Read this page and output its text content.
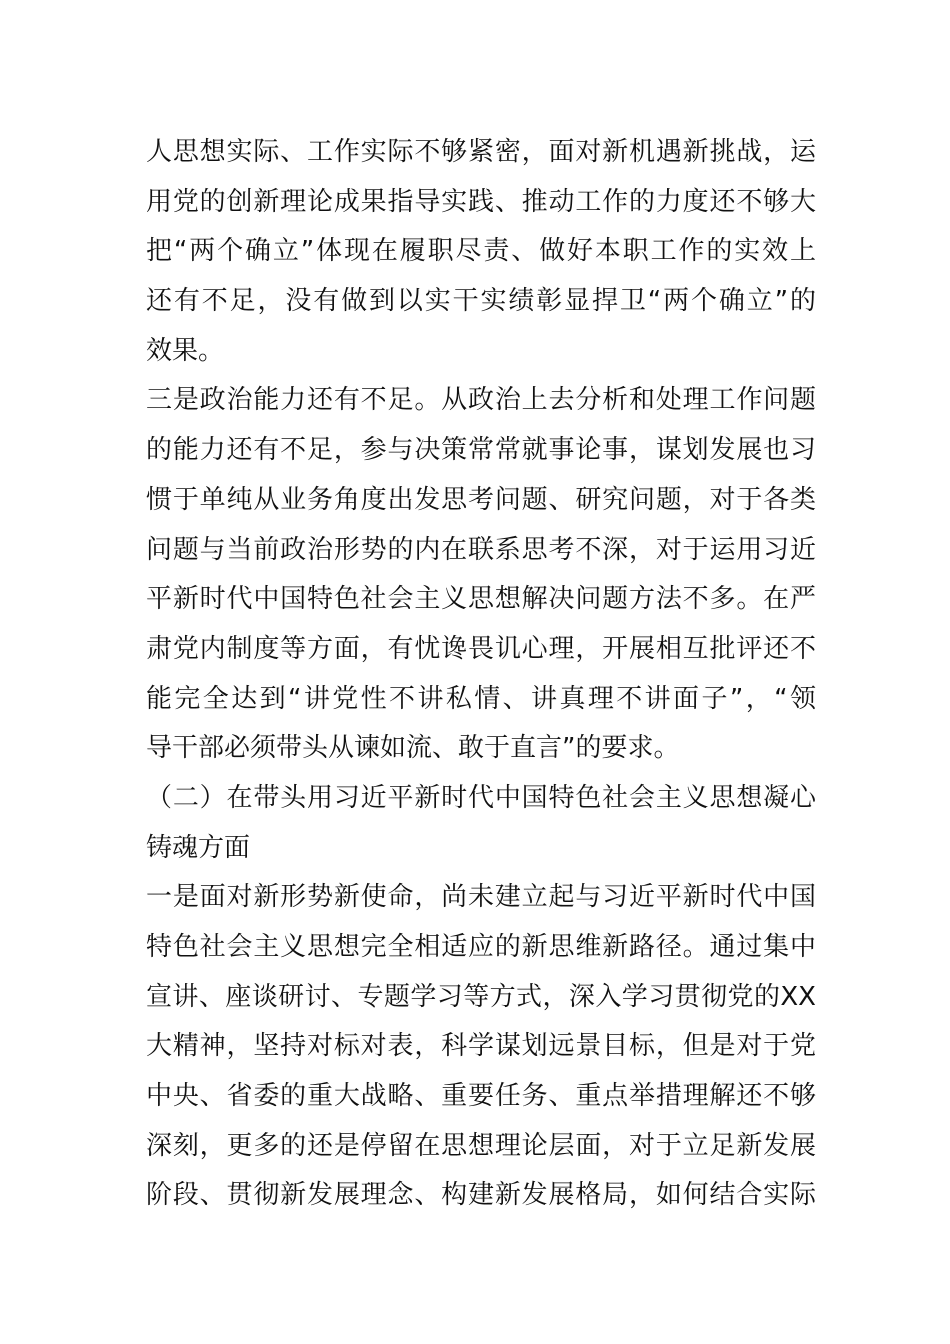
人思想实际、工作实际不够紧密，面对新机遇新挑战，运
用党的创新理论成果指导实践、推动工作的力度还不够大
把“两个确立”体现在履职尽责、做好本职工作的实效上
还有不足，没有做到以实干实绩彰显捍卫“两个确立”的
效果。
三是政治能力还有不足。从政治上去分析和处理工作问题
的能力还有不足，参与决策常常就事论事，谋划发展也习
惯于单纯从业务角度出发思考问题、研究问题，对于各类
问题与当前政治形势的内在联系思考不深，对于运用习近
平新时代中国特色社会主义思想解决问题方法不多。在严
肃党内制度等方面，有忧谗畏讥心理，开展相互批评还不
能完全达到“讲党性不讲私情、讲真理不讲面子”，“领
导干部必须带头从谏如流、敢于直言”的要求。
（二）在带头用习近平新时代中国特色社会主义思想凝心
铸魂方面
一是面对新形势新使命，尚未建立起与习近平新时代中国
特色社会主义思想完全相适应的新思维新路径。通过集中
宣讲、座谈研讨、专题学习等方式，深入学习贯彻党的XX
大精神，坚持对标对表，科学谋划远景目标，但是对于党
中央、省委的重大战略、重要任务、重点举措理解还不够
深刻，更多的还是停留在思想理论层面，对于立足新发展
阶段、贯彻新发展理念、构建新发展格局，如何结合实际
